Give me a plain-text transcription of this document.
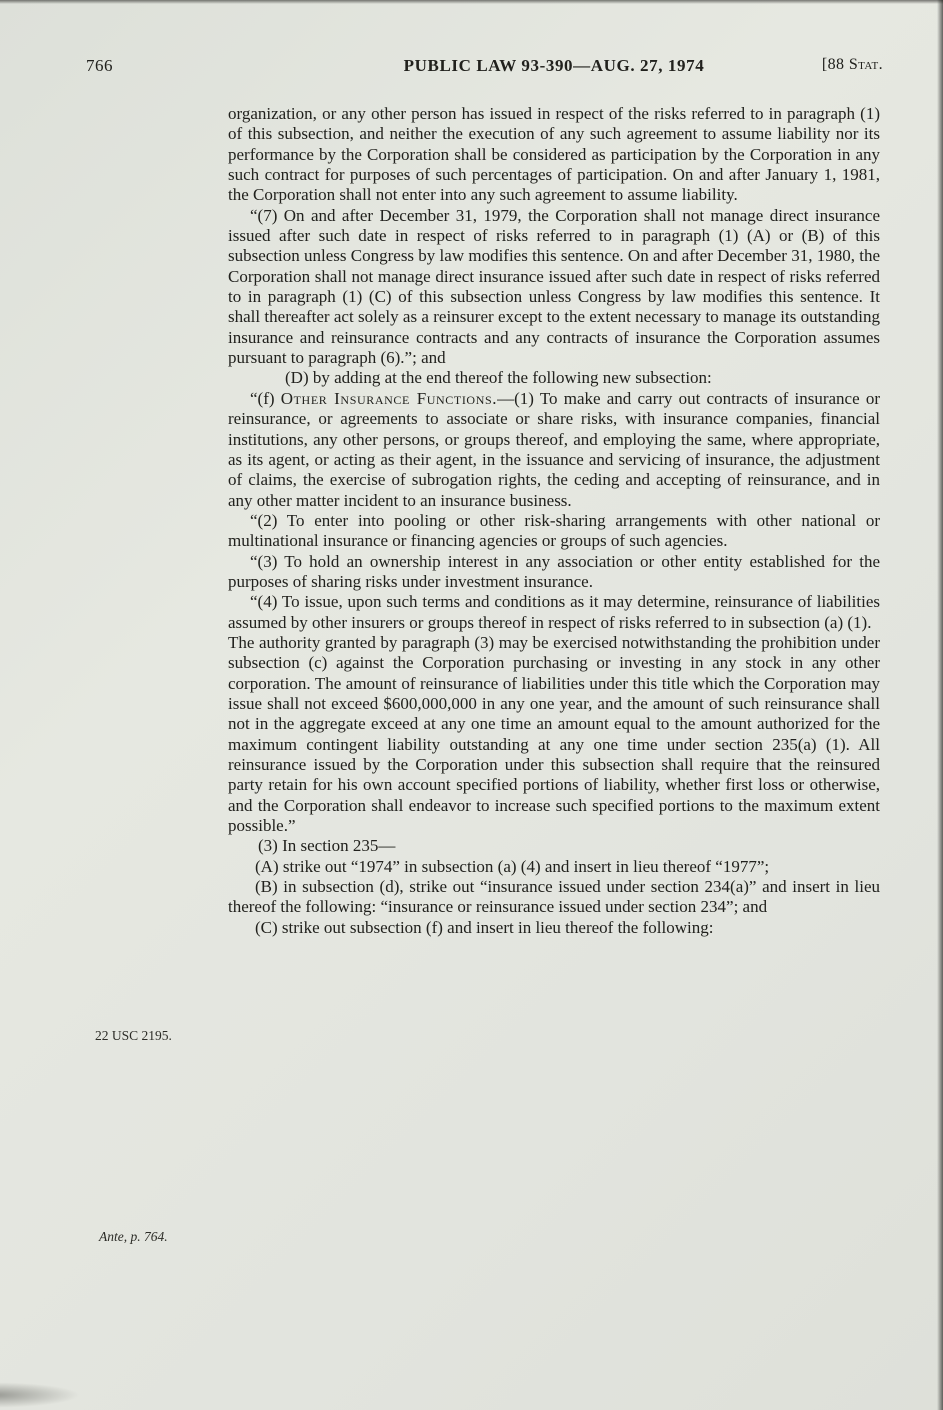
766	PUBLIC LAW 93-390—AUG. 27, 1974	[88 Stat.
22 USC 2195.
Ante, p. 764.

organization, or any other person has issued in respect of the risks referred to in paragraph (1) of this subsection, and neither the execution of any such agreement to assume liability nor its performance by the Corporation shall be considered as participation by the Corporation in any such contract for purposes of such percentages of participation. On and after January 1, 1981, the Corporation shall not enter into any such agreement to assume liability.

“(7) On and after December 31, 1979, the Corporation shall not manage direct insurance issued after such date in respect of risks referred to in paragraph (1) (A) or (B) of this subsection unless Congress by law modifies this sentence. On and after December 31, 1980, the Corporation shall not manage direct insurance issued after such date in respect of risks referred to in paragraph (1) (C) of this subsection unless Congress by law modifies this sentence. It shall thereafter act solely as a reinsurer except to the extent necessary to manage its outstanding insurance and reinsurance contracts and any contracts of insurance the Corporation assumes pursuant to paragraph (6).”; and

(D) by adding at the end thereof the following new subsection:

“(f) Other Insurance Functions.—(1) To make and carry out contracts of insurance or reinsurance, or agreements to associate or share risks, with insurance companies, financial institutions, any other persons, or groups thereof, and employing the same, where appropriate, as its agent, or acting as their agent, in the issuance and servicing of insurance, the adjustment of claims, the exercise of subrogation rights, the ceding and accepting of reinsurance, and in any other matter incident to an insurance business.

“(2) To enter into pooling or other risk-sharing arrangements with other national or multinational insurance or financing agencies or groups of such agencies.

“(3) To hold an ownership interest in any association or other entity established for the purposes of sharing risks under investment insurance.

“(4) To issue, upon such terms and conditions as it may determine, reinsurance of liabilities assumed by other insurers or groups thereof in respect of risks referred to in subsection (a) (1).

The authority granted by paragraph (3) may be exercised notwithstanding the prohibition under subsection (c) against the Corporation purchasing or investing in any stock in any other corporation. The amount of reinsurance of liabilities under this title which the Corporation may issue shall not exceed $600,000,000 in any one year, and the amount of such reinsurance shall not in the aggregate exceed at any one time an amount equal to the amount authorized for the maximum contingent liability outstanding at any one time under section 235(a) (1). All reinsurance issued by the Corporation under this subsection shall require that the reinsured party retain for his own account specified portions of liability, whether first loss or otherwise, and the Corporation shall endeavor to increase such specified portions to the maximum extent possible.”

(3) In section 235—

(A) strike out “1974” in subsection (a) (4) and insert in lieu thereof “1977”;

(B) in subsection (d), strike out “insurance issued under section 234(a)” and insert in lieu thereof the following: “insurance or reinsurance issued under section 234”; and

(C) strike out subsection (f) and insert in lieu thereof the following:
